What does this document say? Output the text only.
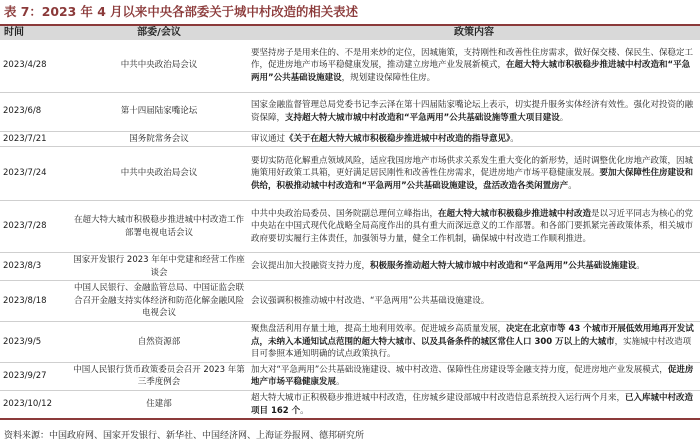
表 7：2023 年 4 月以来中央各部委关于城中村改造的相关表述
时间	部委/会议	政策内容
2023/4/28	中共中央政治局会议	要坚持房子是用来住的、不是用来炒的定位，因城施策，支持刚性和改善性住房需求，做好保交楼、保民生、保稳定工作，促进房地产市场平稳健康发展，推动建立房地产业发展新模式，在超大特大城市积极稳步推进城中村改造和“平急两用”公共基础设施建设，规划建设保障性住房。
2023/6/8	第十四届陆家嘴论坛	国家金融监督管理总局党委书记李云泽在第十四届陆家嘴论坛上表示，切实提升服务实体经济有效性。强化对投资的融资保障，支持超大特大城市城中村改造和“平急两用”公共基础设施等重大项目建设。
2023/7/21	国务院常务会议	审议通过《关于在超大特大城市积极稳步推进城中村改造的指导意见》。
2023/7/24	中共中央政治局会议	要切实防范化解重点领域风险，适应我国房地产市场供求关系发生重大变化的新形势，适时调整优化房地产政策，因城施策用好政策工具箱，更好满足居民刚性和改善性住房需求，促进房地产市场平稳健康发展。要加大保障性住房建设和供给，积极推动城中村改造和“平急两用”公共基础设施建设，盘活改造各类闲置房产。
2023/7/28	在超大特大城市积极稳步推进城中村改造工作部署电视电话会议	中共中央政治局委员、国务院副总理何立峰指出，在超大特大城市积极稳步推进城中村改造是以习近平同志为核心的党中央站在中国式现代化战略全局高度作出的具有重大而深远意义的工作部署。和各部门要抓紧完善政策体系，相关城市政府要切实履行主体责任，加强领导力量，健全工作机制，确保城中村改造工作顺利推进。
2023/8/3	国家开发银行 2023 年年中党建和经营工作座谈会	会议提出加大投融资支持力度，积极服务推动超大特大城市城中村改造和“平急两用”公共基础设施建设。
2023/8/18	中国人民银行、金融监管总局、中国证监会联合召开金融支持实体经济和防范化解金融风险电视会议	会议强调积极推动城中村改造、“平急两用”公共基础设施建设。
2023/9/5	自然资源部	聚焦盘活利用存量土地，提高土地利用效率。促进城乡高质量发展，决定在北京市等 43 个城市开展低效用地再开发试点，未纳入本通知试点范围的超大特大城市、以及具备条件的城区常住人口 300 万以上的大城市，实施城中村改造项目可参照本通知明确的试点政策执行。
2023/9/27	中国人民银行货币政策委员会召开 2023 年第三季度例会	加大对“平急两用”公共基础设施建设、城中村改造、保障性住房建设等金融支持力度，促进房地产业发展模式，促进房地产市场平稳健康发展。
2023/10/12	住建部	超大特大城市正积极稳步推进城中村改造，住房城乡建设部城中村改造信息系统投入运行两个月来，已入库城中村改造项目 162 个。
资料来源：中国政府网、国家开发银行、新华社、中国经济网、上海证券报网、德邦研究所
